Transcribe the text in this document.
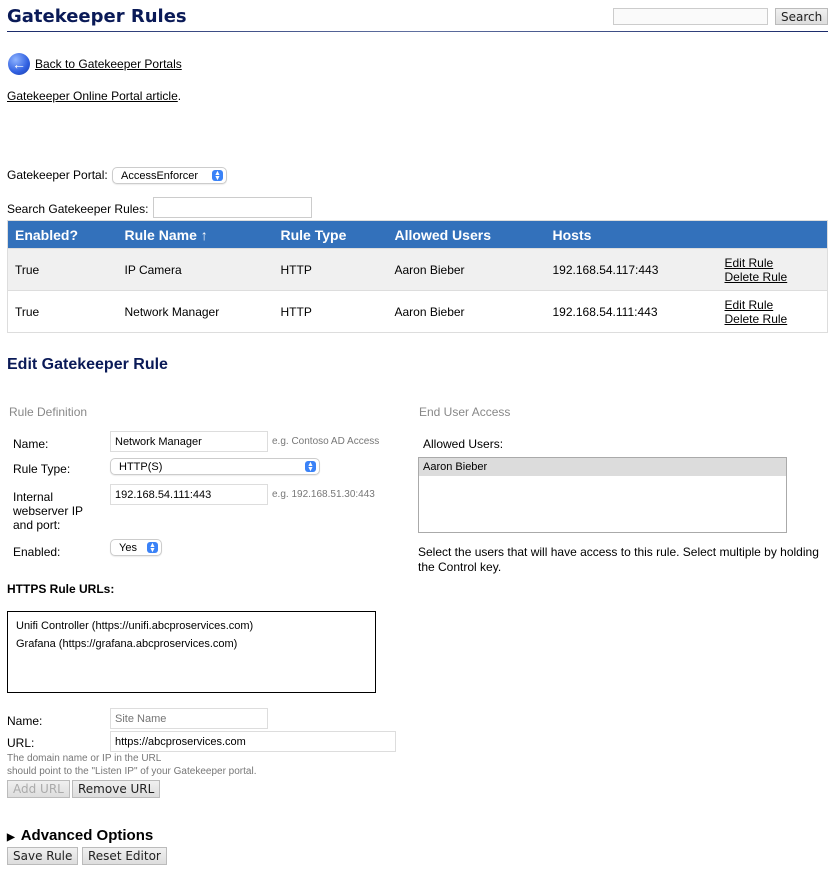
Gatekeeper Rules	Search
← Back to Gatekeeper Portals
Gatekeeper Online Portal article.
Gatekeeper Portal:	AccessEnforcer ▲
▼
Search Gatekeeper Rules:
Enabled?	Rule Name ↑	Rule Type	Allowed Users	Hosts	
True	IP Camera	HTTP	Aaron Bieber	192.168.54.117:443	Edit Rule
Delete Rule
True	Network Manager	HTTP	Aaron Bieber	192.168.54.111:443	Edit Rule
Delete Rule
Edit Gatekeeper Rule
Rule Definition	End User Access
Name:
Network Manager	e.g. Contoso AD Access
Rule Type:	HTTP(S)	▲
▼
Internal webserver IP and port:
192.168.54.111:443
e.g. 192.168.51.30:443
Enabled:	Yes ▲
▼
Allowed Users:
Aaron Bieber
Select the users that will have access to this rule. Select multiple by holding the Control key.
HTTPS Rule URLs:
Unifi Controller (https://unifi.abcproservices.com)
Grafana (https://grafana.abcproservices.com)
Name:
Site Name
URL:
https://abcproservices.com
The domain name or IP in the URL
should point to the "Listen IP" of your Gatekeeper portal.
Add URL	Remove URL
▶ Advanced Options
Save Rule	Reset Editor
